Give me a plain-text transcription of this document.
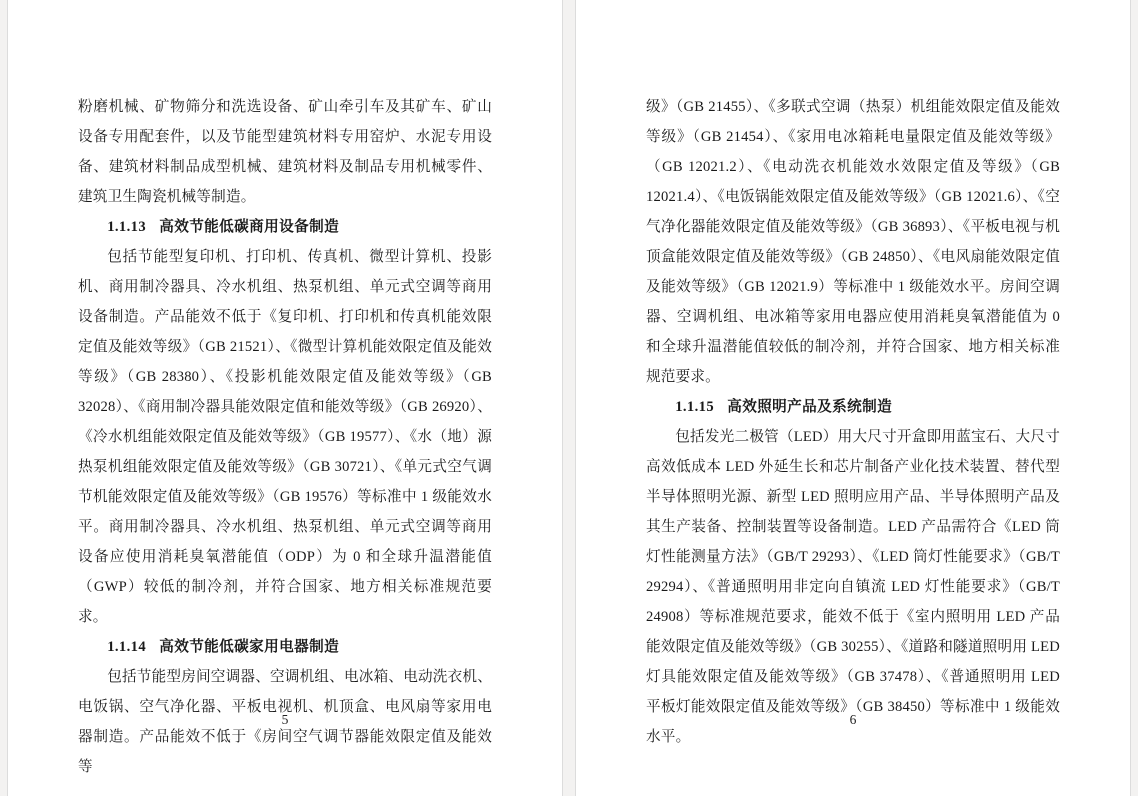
粉磨机械、矿物筛分和洗选设备、矿山牵引车及其矿车、矿山设备专用配套件，以及节能型建筑材料专用窑炉、水泥专用设备、建筑材料制品成型机械、建筑材料及制品专用机械零件、建筑卫生陶瓷机械等制造。

1.1.13 高效节能低碳商用设备制造

包括节能型复印机、打印机、传真机、微型计算机、投影机、商用制冷器具、冷水机组、热泵机组、单元式空调等商用设备制造。产品能效不低于《复印机、打印机和传真机能效限定值及能效等级》（GB 21521）、《微型计算机能效限定值及能效等级》（GB 28380）、《投影机能效限定值及能效等级》（GB 32028）、《商用制冷器具能效限定值和能效等级》（GB 26920）、《冷水机组能效限定值及能效等级》（GB 19577）、《水（地）源热泵机组能效限定值及能效等级》（GB 30721）、《单元式空气调节机能效限定值及能效等级》（GB 19576）等标准中 1 级能效水平。商用制冷器具、冷水机组、热泵机组、单元式空调等商用设备应使用消耗臭氧潜能值（ODP）为 0 和全球升温潜能值（GWP）较低的制冷剂，并符合国家、地方相关标准规范要求。

1.1.14 高效节能低碳家用电器制造

包括节能型房间空调器、空调机组、电冰箱、电动洗衣机、电饭锅、空气净化器、平板电视机、机顶盒、电风扇等家用电器制造。产品能效不低于《房间空气调节器能效限定值及能效等

5

级》（GB 21455）、《多联式空调（热泵）机组能效限定值及能效等级》（GB 21454）、《家用电冰箱耗电量限定值及能效等级》（GB 12021.2）、《电动洗衣机能效水效限定值及等级》（GB 12021.4）、《电饭锅能效限定值及能效等级》（GB 12021.6）、《空气净化器能效限定值及能效等级》（GB 36893）、《平板电视与机顶盒能效限定值及能效等级》（GB 24850）、《电风扇能效限定值及能效等级》（GB 12021.9）等标准中 1 级能效水平。房间空调器、空调机组、电冰箱等家用电器应使用消耗臭氧潜能值为 0 和全球升温潜能值较低的制冷剂，并符合国家、地方相关标准规范要求。

1.1.15 高效照明产品及系统制造

包括发光二极管（LED）用大尺寸开盒即用蓝宝石、大尺寸高效低成本 LED 外延生长和芯片制备产业化技术装置、替代型半导体照明光源、新型 LED 照明应用产品、半导体照明产品及其生产装备、控制装置等设备制造。LED 产品需符合《LED 筒灯性能测量方法》（GB/T 29293）、《LED 筒灯性能要求》（GB/T 29294）、《普通照明用非定向自镇流 LED 灯性能要求》（GB/T 24908）等标准规范要求，能效不低于《室内照明用 LED 产品能效限定值及能效等级》（GB 30255）、《道路和隧道照明用 LED 灯具能效限定值及能效等级》（GB 37478）、《普通照明用 LED 平板灯能效限定值及能效等级》（GB 38450）等标准中 1 级能效水平。

6
